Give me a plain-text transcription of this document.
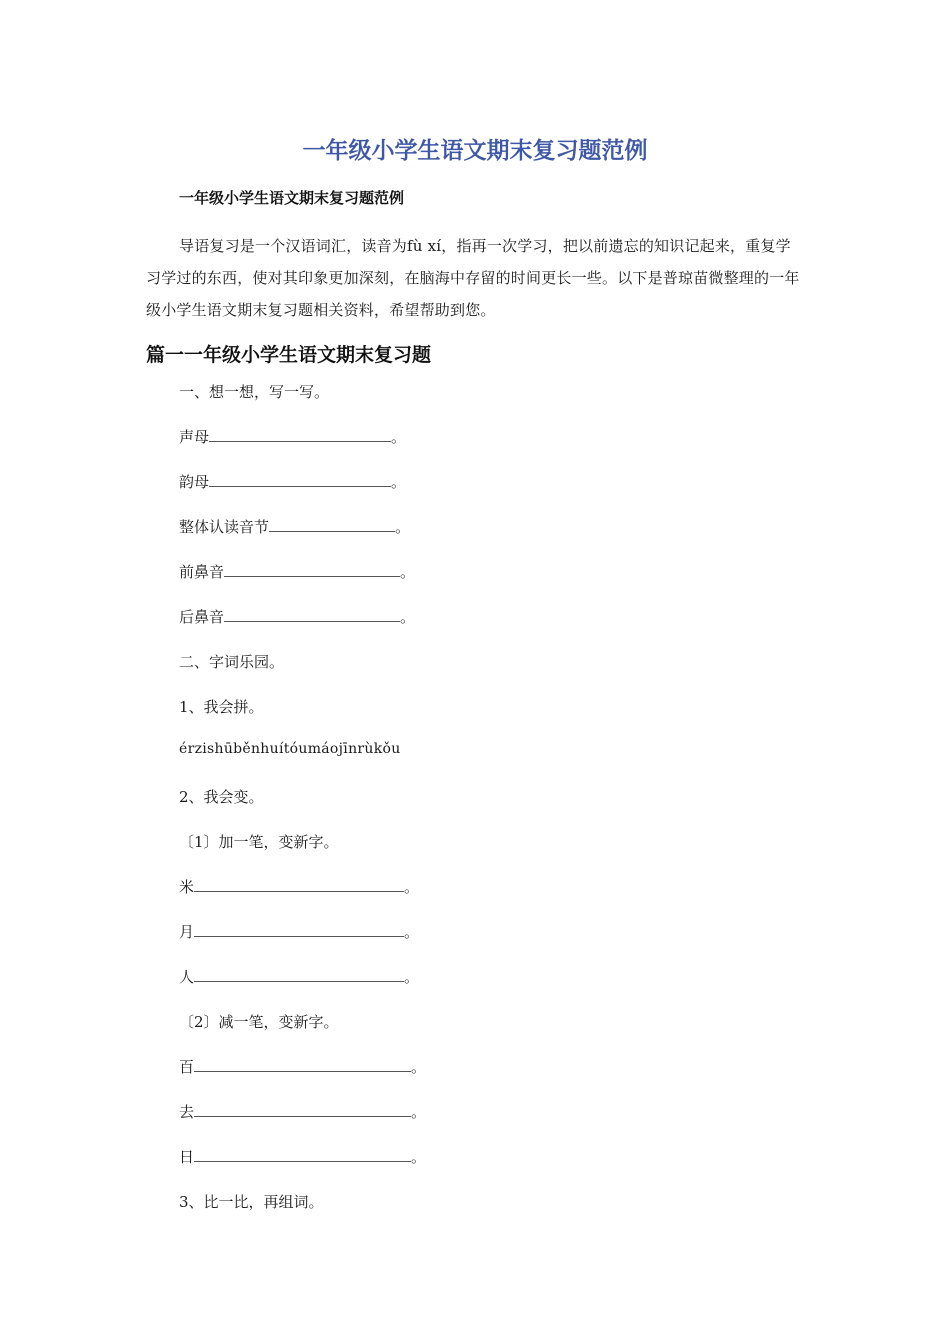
一年级小学生语文期末复习题范例

一年级小学生语文期末复习题范例

导语复习是一个汉语词汇，读音为fù xí，指再一次学习，把以前遗忘的知识记起来，重复学习学过的东西，使对其印象更加深刻，在脑海中存留的时间更长一些。以下是普琼苗微整理的一年级小学生语文期末复习题相关资料，希望帮助到您。

篇一一年级小学生语文期末复习题

一、想一想，写一写。

声母	。

韵母	。

整体认读音节	。

前鼻音	。

后鼻音	。

二、字词乐园。

1、我会拼。

érzishūběnhuítóumáojīnrùkǒu

2、我会变。

〔1〕加一笔，变新字。

米	。

月	。

人	。

〔2〕减一笔，变新字。

百	。

去	。

日	。

3、比一比，再组词。
